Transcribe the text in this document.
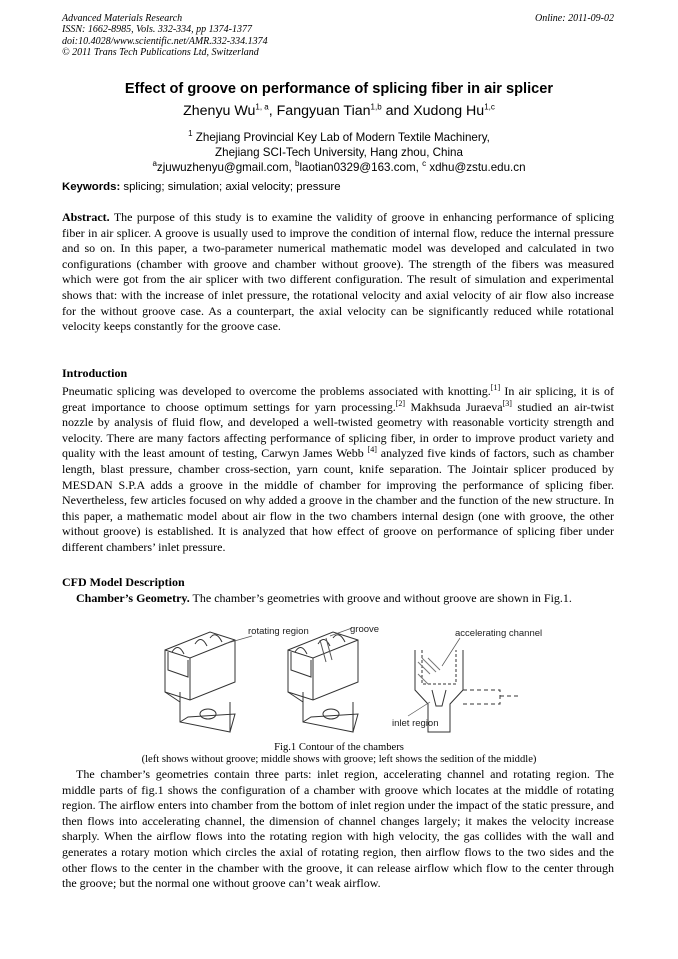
Advanced Materials Research
ISSN: 1662-8985, Vols. 332-334, pp 1374-1377
doi:10.4028/www.scientific.net/AMR.332-334.1374
© 2011 Trans Tech Publications Ltd, Switzerland
Online: 2011-09-02
Effect of groove on performance of splicing fiber in air splicer
Zhenyu Wu$^{1, a}$, Fangyuan Tian$^{1,b}$ and Xudong Hu$^{1,c}$
$^1$ Zhejiang Provincial Key Lab of Modern Textile Machinery,
Zhejiang SCI-Tech University, Hang zhou, China
$^a$zjuwuzhenyu@gmail.com, $^b$laotian0329@163.com, $^c$ xdhu@zstu.edu.cn
Keywords: splicing; simulation; axial velocity; pressure
Abstract. The purpose of this study is to examine the validity of groove in enhancing performance of splicing fiber in air splicer. A groove is usually used to improve the condition of internal flow, reduce the internal pressure and so on. In this paper, a two-parameter numerical mathematic model was developed and calculated in two configurations (chamber with groove and chamber without groove). The strength of the fibers was measured which were got from the air splicer with two different configuration. The result of simulation and experimental shows that: with the increase of inlet pressure, the rotational velocity and axial velocity of air flow also increase for the without groove case. As a counterpart, the axial velocity can be significantly reduced while rotational velocity keeps constantly for the groove case.
Introduction
Pneumatic splicing was developed to overcome the problems associated with knotting.[1] In air splicing, it is of great importance to choose optimum settings for yarn processing.[2] Makhsuda Juraeva[3] studied an air-twist nozzle by analysis of fluid flow, and developed a well-twisted geometry with reasonable vorticity strength and velocity. There are many factors affecting performance of splicing fiber, in order to improve product variety and quality with the least amount of testing, Carwyn James Webb [4] analyzed five kinds of factors, such as chamber length, blast pressure, chamber cross-section, yarn count, knife separation. The Jointair splicer produced by MESDAN S.P.A adds a groove in the middle of chamber for improving the performance of splicing fiber. Nevertheless, few articles focused on why added a groove in the chamber and the function of the new structure. In this paper, a mathematic model about air flow in the two chambers internal design (one with groove, the other without groove) is established. It is analyzed that how effect of groove on performance of splicing fiber under different chambers’ inlet pressure.
CFD Model Description
Chamber’s Geometry. The chamber’s geometries with groove and without groove are shown in Fig.1.
rotating region	groove	accelerating channel
inlet region
Fig.1 Contour of the chambers
(left shows without groove; middle shows with groove; left shows the sedition of the middle)
The chamber’s geometries contain three parts: inlet region, accelerating channel and rotating region. The middle parts of fig.1 shows the configuration of a chamber with groove which locates at the middle of rotating region. The airflow enters into chamber from the bottom of inlet region under the impact of the static pressure, and then flows into accelerating channel, the dimension of channel changes largely; it makes the velocity increase sharply. When the airflow flows into the rotating region with high velocity, the gas collides with the wall and generates a rotary motion which circles the axial of rotating region, then airflow flows to the two sides and the other flows to the center in the chamber with the groove, it can release airflow which flow to the center through the groove; but the normal one without groove can’t weak airflow.
